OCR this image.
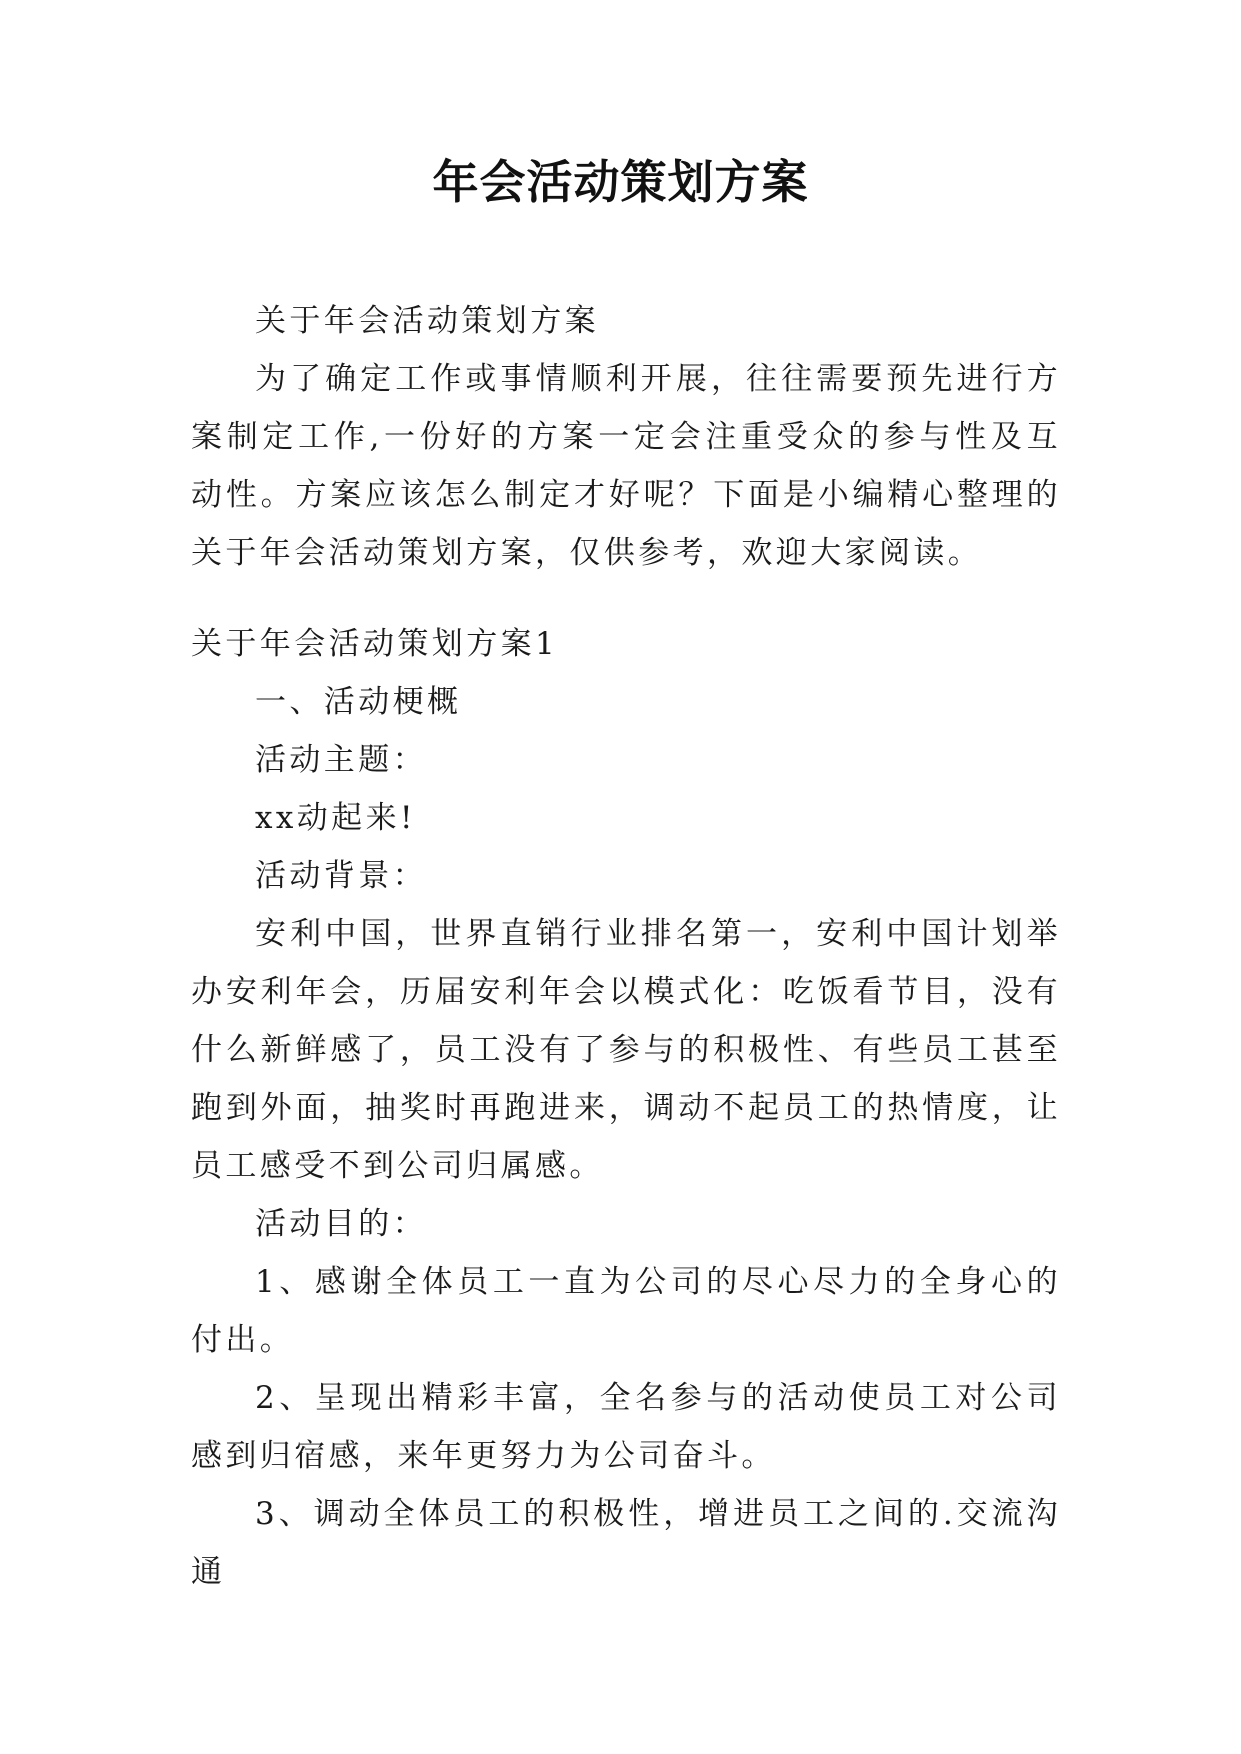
年会活动策划方案

关于年会活动策划方案

为了确定工作或事情顺利开展，往往需要预先进行方案制定工作,一份好的方案一定会注重受众的参与性及互动性。方案应该怎么制定才好呢？下面是小编精心整理的关于年会活动策划方案，仅供参考，欢迎大家阅读。

关于年会活动策划方案1

一、活动梗概

活动主题：

xx动起来!

活动背景：

安利中国，世界直销行业排名第一，安利中国计划举办安利年会，历届安利年会以模式化：吃饭看节目，没有什么新鲜感了，员工没有了参与的积极性、有些员工甚至跑到外面，抽奖时再跑进来，调动不起员工的热情度，让员工感受不到公司归属感。

活动目的：

1、感谢全体员工一直为公司的尽心尽力的全身心的付出。

2、呈现出精彩丰富，全名参与的活动使员工对公司感到归宿感，来年更努力为公司奋斗。

3、调动全体员工的积极性，增进员工之间的.交流沟通
